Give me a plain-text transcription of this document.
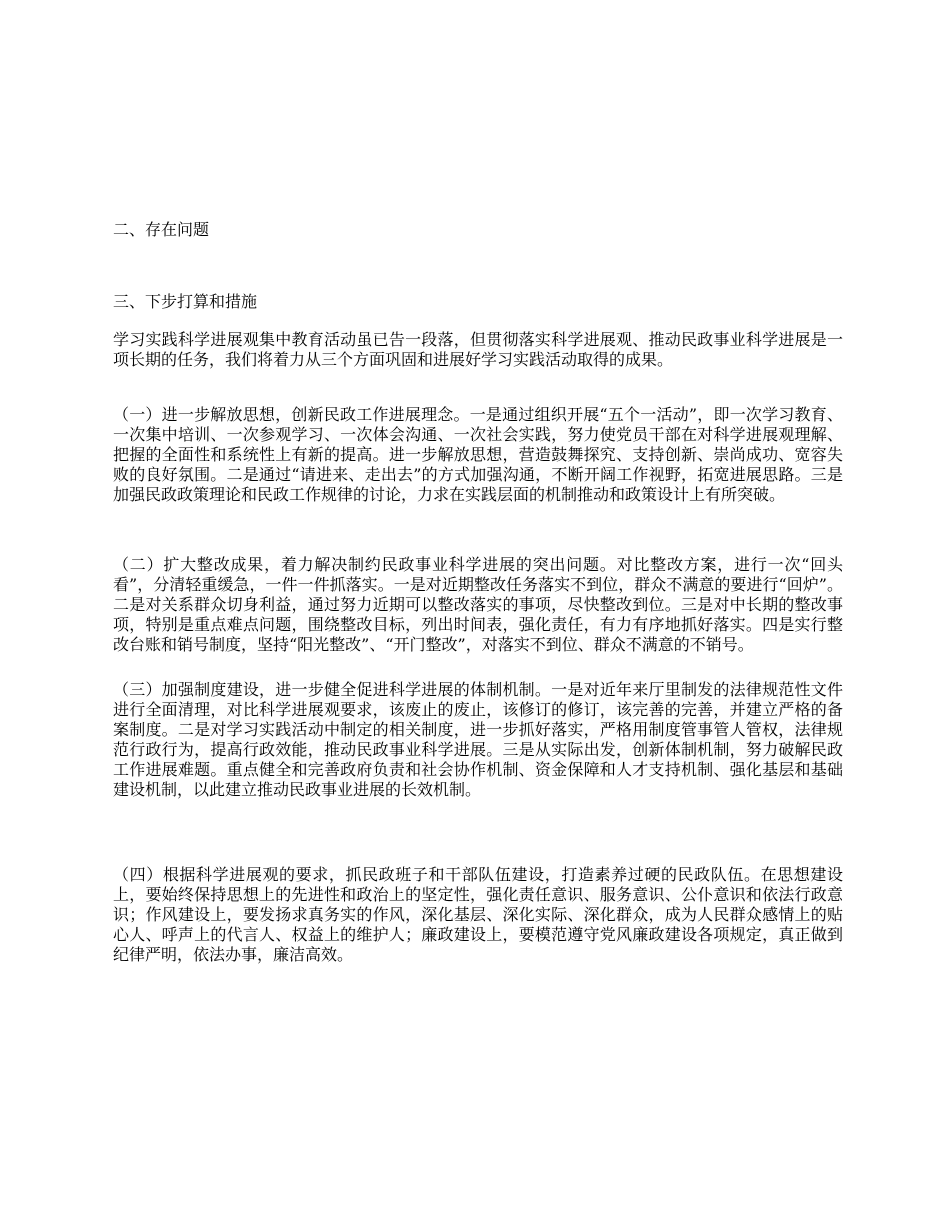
二、存在问题
三、下步打算和措施

学习实践科学进展观集中教育活动虽已告一段落，但贯彻落实科学进展观、推动民政事业科学进展是一项长期的任务，我们将着力从三个方面巩固和进展好学习实践活动取得的成果。

（一）进一步解放思想，创新民政工作进展理念。一是通过组织开展“五个一活动”，即一次学习教育、一次集中培训、一次参观学习、一次体会沟通、一次社会实践，努力使党员干部在对科学进展观理解、把握的全面性和系统性上有新的提高。进一步解放思想，营造鼓舞探究、支持创新、崇尚成功、宽容失败的良好氛围。二是通过“请进来、走出去”的方式加强沟通，不断开阔工作视野，拓宽进展思路。三是加强民政政策理论和民政工作规律的讨论，力求在实践层面的机制推动和政策设计上有所突破。

（二）扩大整改成果，着力解决制约民政事业科学进展的突出问题。对比整改方案，进行一次“回头看”，分清轻重缓急，一件一件抓落实。一是对近期整改任务落实不到位，群众不满意的要进行“回炉”。二是对关系群众切身利益，通过努力近期可以整改落实的事项，尽快整改到位。三是对中长期的整改事项，特别是重点难点问题，围绕整改目标，列出时间表，强化责任，有力有序地抓好落实。四是实行整改台账和销号制度，坚持“阳光整改”、“开门整改”，对落实不到位、群众不满意的不销号。

（三）加强制度建设，进一步健全促进科学进展的体制机制。一是对近年来厅里制发的法律规范性文件进行全面清理，对比科学进展观要求，该废止的废止，该修订的修订，该完善的完善，并建立严格的备案制度。二是对学习实践活动中制定的相关制度，进一步抓好落实，严格用制度管事管人管权，法律规范行政行为，提高行政效能，推动民政事业科学进展。三是从实际出发，创新体制机制，努力破解民政工作进展难题。重点健全和完善政府负责和社会协作机制、资金保障和人才支持机制、强化基层和基础建设机制，以此建立推动民政事业进展的长效机制。

（四）根据科学进展观的要求，抓民政班子和干部队伍建设，打造素养过硬的民政队伍。在思想建设上，要始终保持思想上的先进性和政治上的坚定性，强化责任意识、服务意识、公仆意识和依法行政意识；作风建设上，要发扬求真务实的作风，深化基层、深化实际、深化群众，成为人民群众感情上的贴心人、呼声上的代言人、权益上的维护人；廉政建设上，要模范遵守党风廉政建设各项规定，真正做到纪律严明，依法办事，廉洁高效。
